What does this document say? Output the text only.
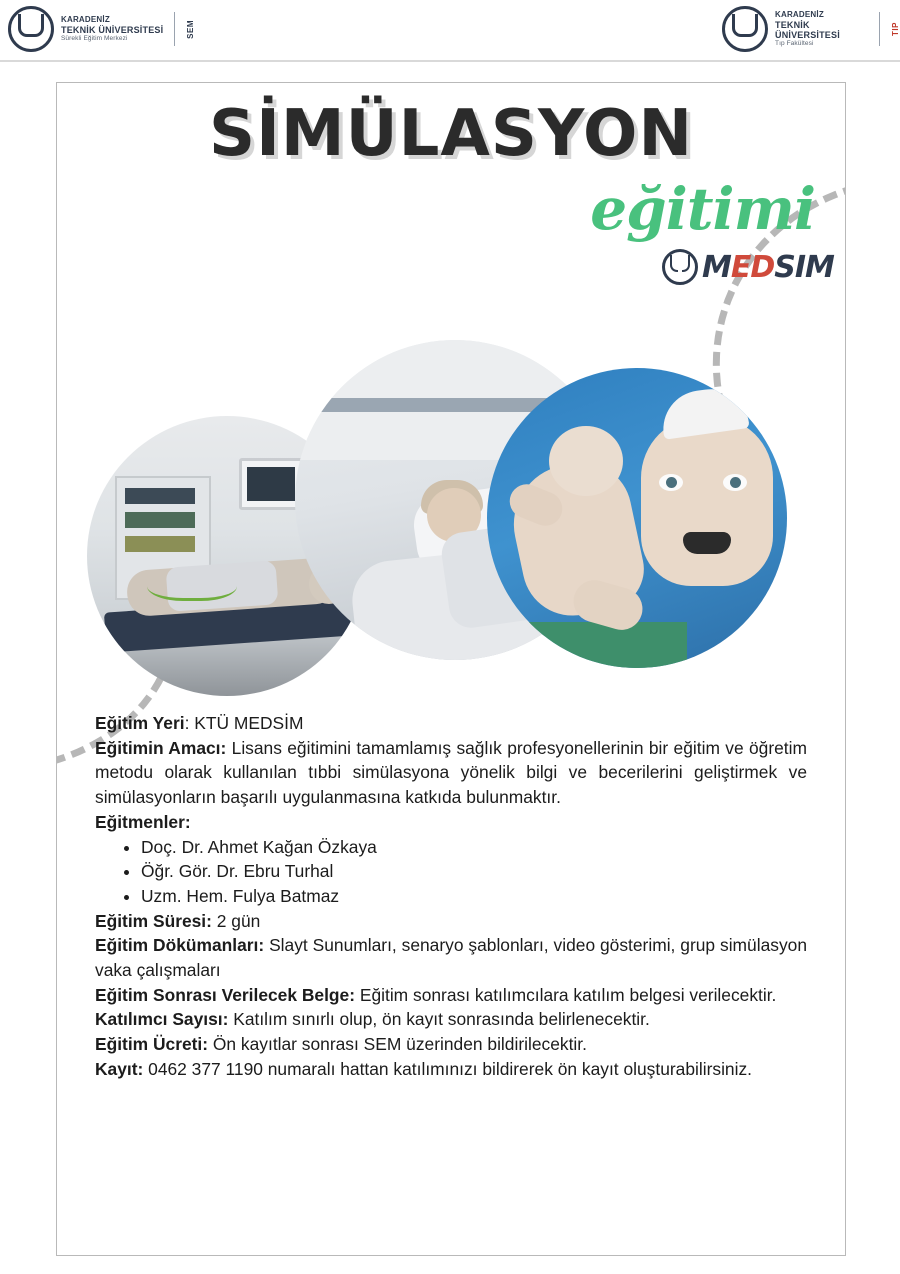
KARADENİZ
TEKNİK ÜNİVERSİTESİ
Sürekli Eğitim Merkezi	SEM
KARADENİZ
TEKNİK ÜNİVERSİTESİ
Tıp Fakültesi
TIP
SİMÜLASYON
eğitimi
MEDSIM

Eğitim Yeri: KTÜ MEDSİM

Eğitimin Amacı: Lisans eğitimini tamamlamış sağlık profesyonellerinin bir eğitim ve öğretim metodu olarak kullanılan tıbbi simülasyona yönelik bilgi ve becerilerini geliştirmek ve simülasyonların başarılı uygulanmasına katkıda bulunmaktır.

Eğitmenler:

• Doç. Dr. Ahmet Kağan Özkaya
• Öğr. Gör. Dr. Ebru Turhal
• Uzm. Hem. Fulya Batmaz

Eğitim Süresi: 2 gün

Eğitim Dökümanları: Slayt Sunumları, senaryo şablonları, video gösterimi, grup simülasyon vaka çalışmaları

Eğitim Sonrası Verilecek Belge: Eğitim sonrası katılımcılara katılım belgesi verilecektir.

Katılımcı Sayısı: Katılım sınırlı olup, ön kayıt sonrasında belirlenecektir.

Eğitim Ücreti: Ön kayıtlar sonrası SEM üzerinden bildirilecektir.

Kayıt: 0462 377 1190 numaralı hattan katılımınızı bildirerek ön kayıt oluşturabilirsiniz.
